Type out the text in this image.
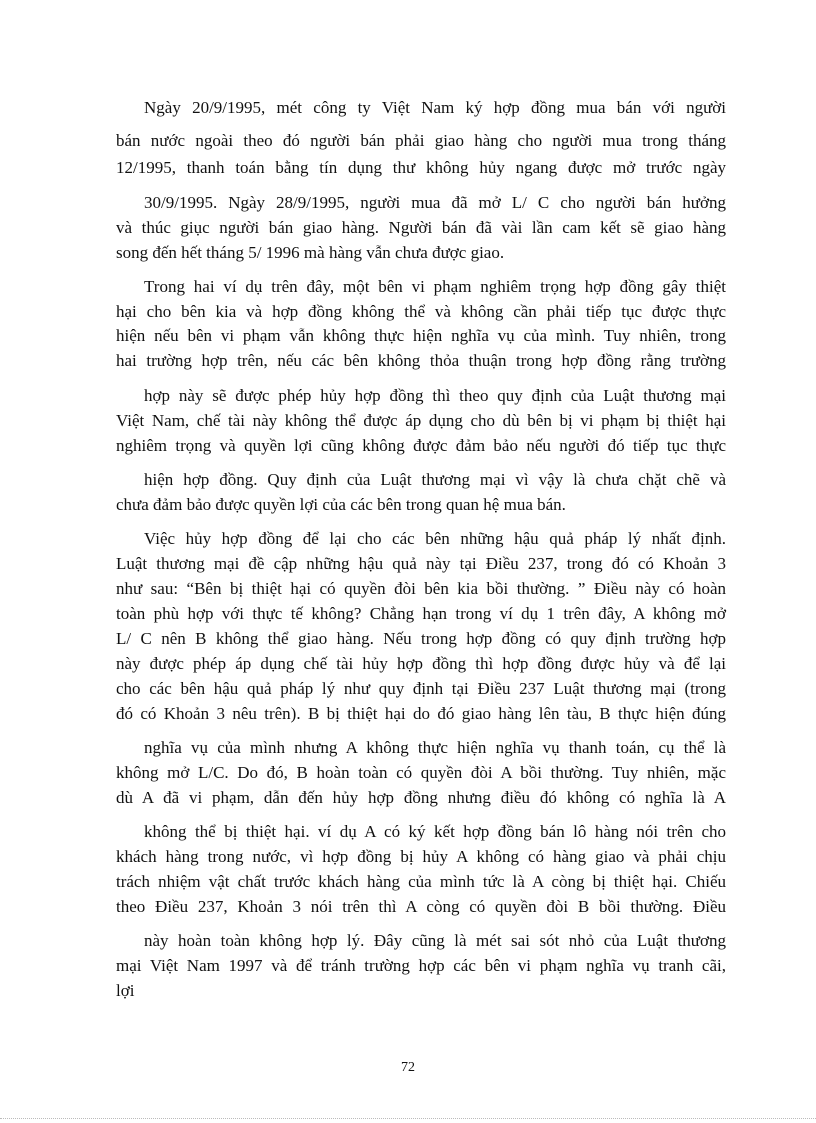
Ngày 20/9/1995, mét công ty Việt Nam ký hợp đồng mua bán với người
bán nước ngoài theo đó người bán phải giao hàng cho người mua trong tháng
12/1995, thanh toán bằng tín dụng thư không hủy ngang được mở trước ngày
30/9/1995. Ngày 28/9/1995, người mua đã mở L/ C cho người bán hưởng
và thúc giục người bán giao hàng. Người bán đã vài lần cam kết sẽ giao hàng
song đến hết tháng 5/ 1996 mà hàng vẫn chưa được giao.
Trong hai ví dụ trên đây, một bên vi phạm nghiêm trọng hợp đồng gây thiệt
hại cho bên kia và hợp đồng không thể và không cần phải tiếp tục được thực
hiện nếu bên vi phạm vẫn không thực hiện nghĩa vụ của mình. Tuy nhiên, trong
hai trường hợp trên, nếu các bên không thỏa thuận trong hợp đồng rằng trường
hợp này sẽ được phép hủy hợp đồng thì theo quy định của Luật thương mại
Việt Nam, chế tài này không thể được áp dụng cho dù bên bị vi phạm bị thiệt hại
nghiêm trọng và quyền lợi cũng không được đảm bảo nếu người đó tiếp tục thực
hiện hợp đồng. Quy định của Luật thương mại vì vậy là chưa chặt chẽ và
chưa đảm bảo được quyền lợi của các bên trong quan hệ mua bán.
Việc hủy hợp đồng để lại cho các bên những hậu quả pháp lý nhất định.
Luật thương mại đề cập những hậu quả này tại Điều 237, trong đó có Khoản 3
như sau: “Bên bị thiệt hại có quyền đòi bên kia bồi thường. ” Điều này có hoàn
toàn phù hợp với thực tế không? Chẳng hạn trong ví dụ 1 trên đây, A không mở
L/ C nên B không thể giao hàng. Nếu trong hợp đồng có quy định trường hợp
này được phép áp dụng chế tài hủy hợp đồng thì hợp đồng được hủy và để lại
cho các bên hậu quả pháp lý như quy định tại Điều 237 Luật thương mại (trong
đó có Khoản 3 nêu trên). B bị thiệt hại do đó giao hàng lên tàu, B thực hiện đúng
nghĩa vụ của mình nhưng A không thực hiện nghĩa vụ thanh toán, cụ thể là
không mở L/C. Do đó, B hoàn toàn có quyền đòi A bồi thường. Tuy nhiên, mặc
dù A đã vi phạm, dẫn đến hủy hợp đồng nhưng điều đó không có nghĩa là A
không thể bị thiệt hại. ví dụ A có ký kết hợp đồng bán lô hàng nói trên cho
khách hàng trong nước, vì hợp đồng bị hủy A không có hàng giao và phải chịu
trách nhiệm vật chất trước khách hàng của mình tức là A còng bị thiệt hại. Chiếu
theo Điều 237, Khoản 3 nói trên thì A còng có quyền đòi B bồi thường. Điều
này hoàn toàn không hợp lý. Đây cũng là mét sai sót nhỏ của Luật thương
mại Việt Nam 1997 và để tránh trường hợp các bên vi phạm nghĩa vụ tranh cãi,
lợi
72
